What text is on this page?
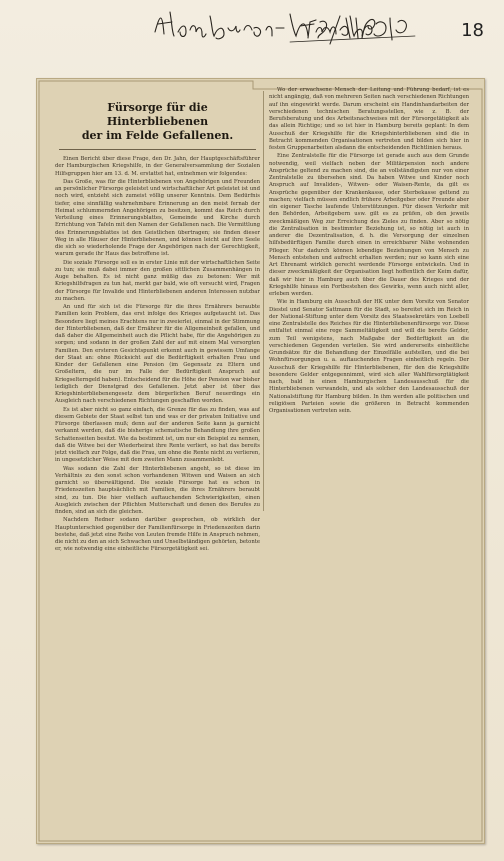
18
Fürsorge für die Hinterbliebenen
der im Felde Gefallenen.

Einen Bericht über diese Frage, den Dr. Jahn, der Hauptgeschäftsführer der Hamburgischen Kriegshilfe, in der Generalversammlung der Sozialen Hilfsgruppen hier am 13. d. M. erstattet hat, entnehmen wir folgendes:

Das Große, was für die Hinterbliebenen von Angehörigen und Freunden an persönlicher Fürsorge geleistet und wirtschaftlicher Art geleistet ist und noch wird, entzieht sich zumeist völlig unserer Kenntnis. Dem Bedürfnis tiefer, eine sinnfällig wahrnehmbare Erinnerung an den meist fernab der Heimat schlummernden Angehörigen zu besitzen, kommt das Reich durch Verteilung eines Erinnerungsblattes, Gemeinde und Kirche durch Errichtung von Tafeln mit den Namen der Gefallenen nach. Die Vermittlung des Erinnerungsblattes ist den Geistlichen übertragen; sie finden dieser Weg in alle Häuser der Hinterbliebenen, und können leicht auf ihre Seele die sich so wiederholende Frage der Angehörigen nach der Gerechtigkeit, warum gerade ihr Haus das betroffene ist.

Die soziale Fürsorge soll es in erster Linie mit der wirtschaftlichen Seite zu tun; sie muß dabei immer den großen sittlichen Zusammenhängen in Auge behalten. Es ist nicht ganz müßig das zu betonen: Wer mit Kriegshilfsfragen zu tun hat, merkt gar bald, wie oft versucht wird, Fragen der Fürsorge für Invalide und Hinterbliebenen anderen Interessen nutzbar zu machen.

An und für sich ist die Fürsorge für die ihres Ernährers beraubte Familien kein Problem, das erst infolge des Krieges aufgetaucht ist. Das Besondere liegt meines Erachtens nur in zweierlei, einmal in der Stimmung der Hinterbliebenen, daß der Ernährer für die Allgemeinheit gefallen, und daß daher die Allgemeinheit auch die Pflicht habe, für die Angehörigen zu sorgen; und sodann in der großen Zahl der auf mit einem Mal versorgten Familien. Den ersteren Gesichtspunkt erkennt auch in gewissem Umfange der Staat an: ohne Rücksicht auf die Bedürftigkeit erhalten Frau und Kinder der Gefallenen eine Pension (im Gegensatz zu Eltern und Großeltern, die nur im Falle der Bedürftigkeit Anspruch auf Kriegselterngeld haben). Entscheidend für die Höhe der Pension war bisher lediglich der Dienstgrad des Gefallenen. Jetzt aber ist über das Kriegshinterbliebenengesetz dem bürgerlichen Beruf neuerdings ein Ausgleich nach verschiedenen Richtungen geschaffen worden.

Es ist aber nicht so ganz einfach, die Grenze für das zu finden, was auf diesem Gebiete der Staat selbst tun und was er der privaten Initiative und Fürsorge überlassen muß; denn auf der anderen Seite kann ja garnicht verkannt werden, daß die bisherige schematische Behandlung ihre großen Schattenseiten besitzt. Wie da bestimmt ist, um nur ein Beispiel zu nennen, daß die Witwe bei der Wiederheirat ihre Rente verliert, so hat das bereits jetzt vielfach zur Folge, daß die Frau, um ohne die Rente nicht zu verlieren, in ungesetzlicher Weise mit dem zweiten Mann zusammenlebt.

Was sodann die Zahl der Hinterbliebenen angeht, so ist diese im Verhältnis zu den sonst schon vorhandenen Witwen und Waisen an sich garnicht so überwältigend. Die soziale Fürsorge hat es schon in Friedenszeiten hauptsächlich mit Familien, die ihres Ernährers beraubt sind, zu tun. Die hier vielfach auftauchenden Schwierigkeiten, einen Ausgleich zwischen der Pflichten Mutterschaft und denen des Berufes zu finden, sind an sich die gleichen.

Nachdem Redner sodann darüber gesprochen, ob wirklich der Hauptunterschied gegenüber der Familienfürsorge in Friedenszeiten darin bestehe, daß jetzt eine Reihe von Leuten fremde Hilfe in Anspruch nehmen, die nicht zu den an sich Schwachen und Unselbständigen gehörten, betonte er, wie notwendig eine einheitliche Fürsorgetätigkeit sei.

Wo der erwachsene Mensch der Leitung und Führung bedarf, ist es nicht angängig, daß von mehreren Seiten nach verschiedenen Richtungen auf ihn eingewirkt werde. Darum erscheint ein Handinhandarbeiten der verschiedenen technischen Beratungsstellen, wie z. B. der Berufsberatung und des Arbeitsnachweises mit der Fürsorgetätigkeit als das allein Richtige; und so ist hier in Hamburg bereits geplant: In dem Ausschuß der Kriegshilfe für die Kriegshinterbliebenen sind die in Betracht kommenden Organisationen vertreten und bilden sich hier in festen Gruppenarbeiten alsdann die entscheidenden Richtlinien heraus.

Eine Zentralstelle für die Fürsorge ist gerade auch aus dem Grunde notwendig, weil vielfach neben der Militärpension noch andere Ansprüche geltend zu machen sind, die an vollständigsten nur von einer Zentralstelle zu übersehen sind. Da haben Witwe und Kinder noch Anspruch auf Invaliden-, Witwen- oder Waisen-Rente, da gilt es Ansprüche gegenüber der Krankenkasse, oder Sterbekasse geltend zu machen; vielfach müssen endlich frühere Arbeitgeber oder Freunde aber ein eigener Tasche laufende Unterstützungen. Für diesen Verkehr mit den Behörden, Arbeitgebern usw. gilt es zu prüfen, ob den jeweils zweckmäßigen Weg zur Erreichung des Zieles zu finden. Aber so nötig die Zentralisation in bestimmter Beziehung ist, so nötig ist auch in anderer die Dezentralisation, d. h. die Versorgung der einzelnen hilfsbedürftigen Familie durch einen in erreichbarer Nähe wohnenden Pfleger. Nur dadurch können lebendige Beziehungen von Mensch zu Mensch entstehen und aufrecht erhalten werden; nur so kann sich eine Art Ehrenamt wirklich gerecht werdende Fürsorge entwickeln. Und in dieser zweckmäßigkeit der Organisation liegt hoffentlich der Keim dafür, daß wir hier in Hamburg auch über die Dauer des Krieges und der Kriegshilfe hinaus ein Fortbestehen des Gewirks, wenn auch nicht aller, erleben werden.

Wie in Hamburg ein Ausschuß der HK unter dem Vorsitz von Senator Diestel und Senator Sattmann für die Stadt, so bereitet sich im Reich in der National-Stiftung unter dem Vorsitz des Staatssekretärs von Loebell eine Zentralstelle des Reiches für die Hinterbliebenenfürsorge vor. Diese entfaltet einmal eine rege Sammeltätigkeit und will die bereits Gelder, zum Teil wenigstens, nach Maßgabe der Bedürftigkeit an die verschiedenen Gegenden verteilen. Sie wird andererseits einheitliche Grundsätze für die Behandlung der Einzelfälle aufstellen, und die bei Wohnfürsorgungen u. a. auftauchenden Fragen einheitlich regeln. Der Ausschuß der Kriegshilfe für Hinterbliebenen, für den die Kriegshilfe besondere Gelder entgegennimmt, wird sich aller Wahlfürsorgtätigkeit nach, bald in einen Hamburgischen Landesausschuß für die Hinterbliebenen verwandeln, und als solcher den Landesausschuß der Nationalstiftung für Hamburg bilden. In ihm werden alle politischen und religiösen Parteien sowie die größeren in Betracht kommenden Organisationen vertreten sein.
